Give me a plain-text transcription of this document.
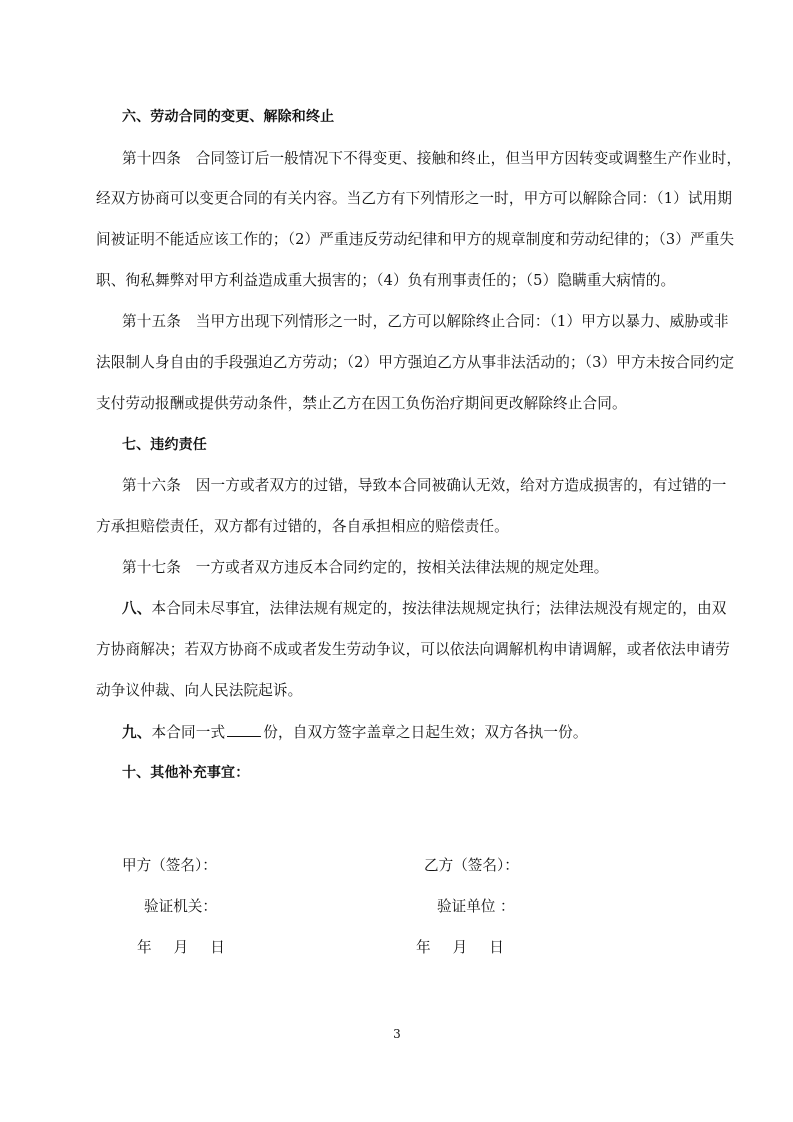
六、劳动合同的变更、解除和终止
第十四条　合同签订后一般情况下不得变更、接触和终止，但当甲方因转变或调整生产作业时，
经双方协商可以变更合同的有关内容。当乙方有下列情形之一时，甲方可以解除合同：（1）试用期
间被证明不能适应该工作的；（2）严重违反劳动纪律和甲方的规章制度和劳动纪律的；（3）严重失
职、徇私舞弊对甲方利益造成重大损害的；（4）负有刑事责任的；（5）隐瞒重大病情的。
第十五条　当甲方出现下列情形之一时，乙方可以解除终止合同：（1）甲方以暴力、威胁或非
法限制人身自由的手段强迫乙方劳动；（2）甲方强迫乙方从事非法活动的；（3）甲方未按合同约定
支付劳动报酬或提供劳动条件，禁止乙方在因工负伤治疗期间更改解除终止合同。
七、违约责任
第十六条　因一方或者双方的过错，导致本合同被确认无效，给对方造成损害的，有过错的一
方承担赔偿责任，双方都有过错的，各自承担相应的赔偿责任。
第十七条　一方或者双方违反本合同约定的，按相关法律法规的规定处理。
八、本合同未尽事宜，法律法规有规定的，按法律法规规定执行；法律法规没有规定的，由双
方协商解决；若双方协商不成或者发生劳动争议，可以依法向调解机构申请调解，或者依法申请劳
动争议仲裁、向人民法院起诉。
九、本合同一式	份，自双方签字盖章之日起生效；双方各执一份。
十、其他补充事宜：
甲方（签名）：	乙方（签名）：
验证机关：	验证单位 ：
年 月 日	年 月 日
3
